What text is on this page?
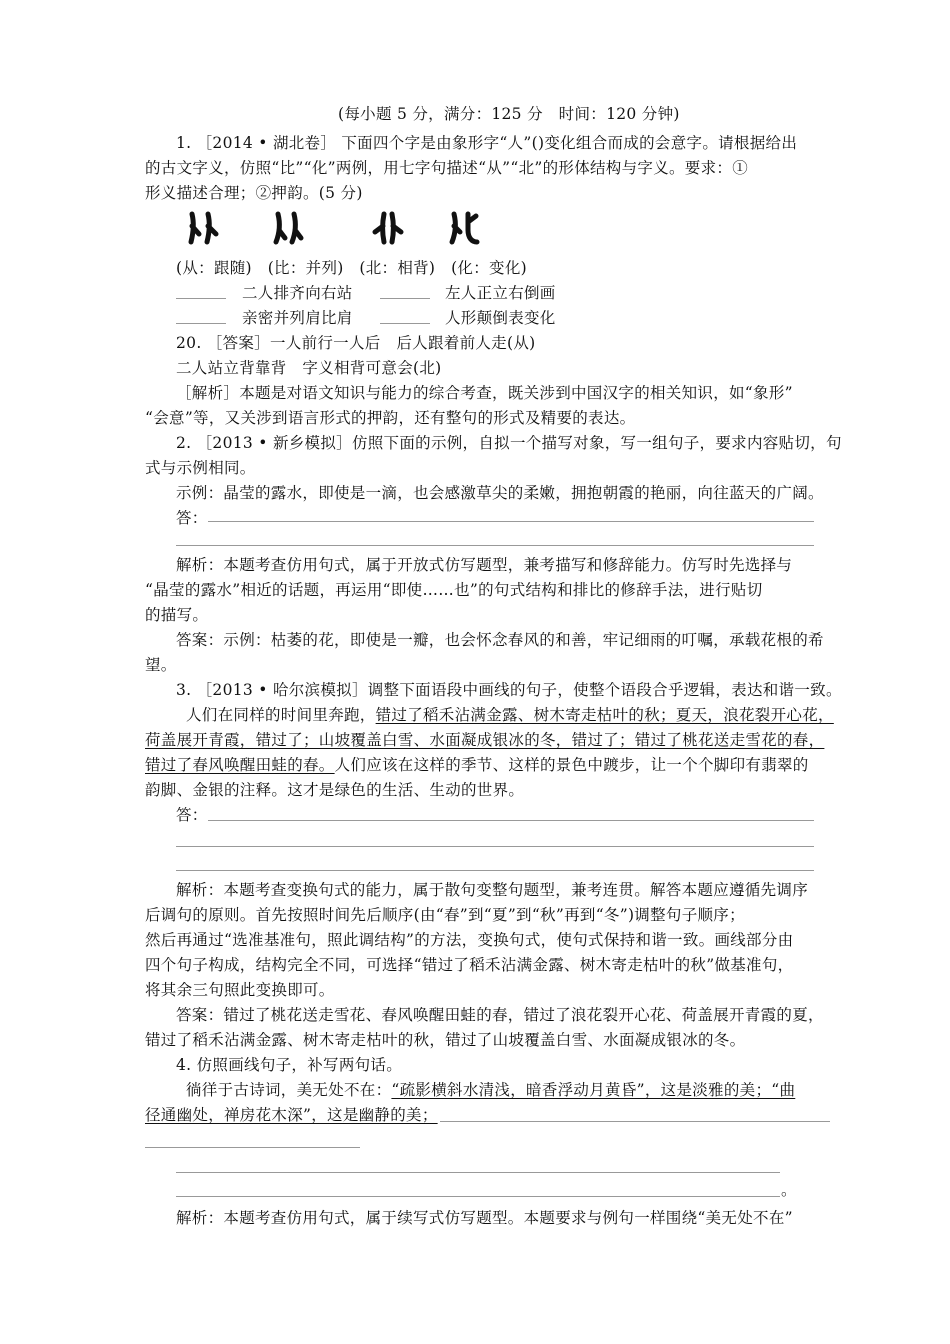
(每小题 5 分，满分：125 分　时间：120 分钟)
1. ［2014 • 湖北卷］ 下面四个字是由象形字“人”()变化组合而成的会意字。请根据给出
的古文字义，仿照“比”“化”两例，用七字句描述“从”“北”的形体结构与字义。要求：①
形义描述合理；②押韵。(5 分)
(从：跟随)　(比：并列)　(北：相背)　(化：变化)
二人排齐向右站	左人正立右倒画
亲密并列肩比肩	人形颠倒表变化
20. ［答案］一人前行一人后　后人跟着前人走(从)
二人站立背靠背　字义相背可意会(北)
［解析］本题是对语文知识与能力的综合考查，既关涉到中国汉字的相关知识，如“象形”
“会意”等，又关涉到语言形式的押韵，还有整句的形式及精要的表达。
2. ［2013 • 新乡模拟］仿照下面的示例，自拟一个描写对象，写一组句子，要求内容贴切，句
式与示例相同。
示例：晶莹的露水，即使是一滴，也会感激草尖的柔嫩，拥抱朝霞的艳丽，向往蓝天的广阔。
答：
解析：本题考查仿用句式，属于开放式仿写题型，兼考描写和修辞能力。仿写时先选择与
“晶莹的露水”相近的话题，再运用“即使……也”的句式结构和排比的修辞手法，进行贴切
的描写。
答案：示例：枯萎的花，即使是一瓣，也会怀念春风的和善，牢记细雨的叮嘱，承载花根的希
望。
3. ［2013 • 哈尔滨模拟］调整下面语段中画线的句子，使整个语段合乎逻辑，表达和谐一致。
人们在同样的时间里奔跑，错过了稻禾沾满金露、树木寄走枯叶的秋；夏天，浪花裂开心花，
荷盖展开青霞，错过了；山坡覆盖白雪、水面凝成银冰的冬，错过了；错过了桃花送走雪花的春，
错过了春风唤醒田蛙的春。人们应该在这样的季节、这样的景色中踱步，让一个个脚印有翡翠的
韵脚、金银的注释。这才是绿色的生活、生动的世界。
答：
解析：本题考查变换句式的能力，属于散句变整句题型，兼考连贯。解答本题应遵循先调序
后调句的原则。首先按照时间先后顺序(由“春”到“夏”到“秋”再到“冬”)调整句子顺序；
然后再通过“选准基准句，照此调结构”的方法，变换句式，使句式保持和谐一致。画线部分由
四个句子构成，结构完全不同，可选择“错过了稻禾沾满金露、树木寄走枯叶的秋”做基准句，
将其余三句照此变换即可。
答案：错过了桃花送走雪花、春风唤醒田蛙的春，错过了浪花裂开心花、荷盖展开青霞的夏，
错过了稻禾沾满金露、树木寄走枯叶的秋，错过了山坡覆盖白雪、水面凝成银冰的冬。
4. 仿照画线句子，补写两句话。
徜徉于古诗词，美无处不在：“疏影横斜水清浅，暗香浮动月黄昏”，这是淡雅的美；“曲
径通幽处，禅房花木深”，这是幽静的美；
。
解析：本题考查仿用句式，属于续写式仿写题型。本题要求与例句一样围绕“美无处不在”
